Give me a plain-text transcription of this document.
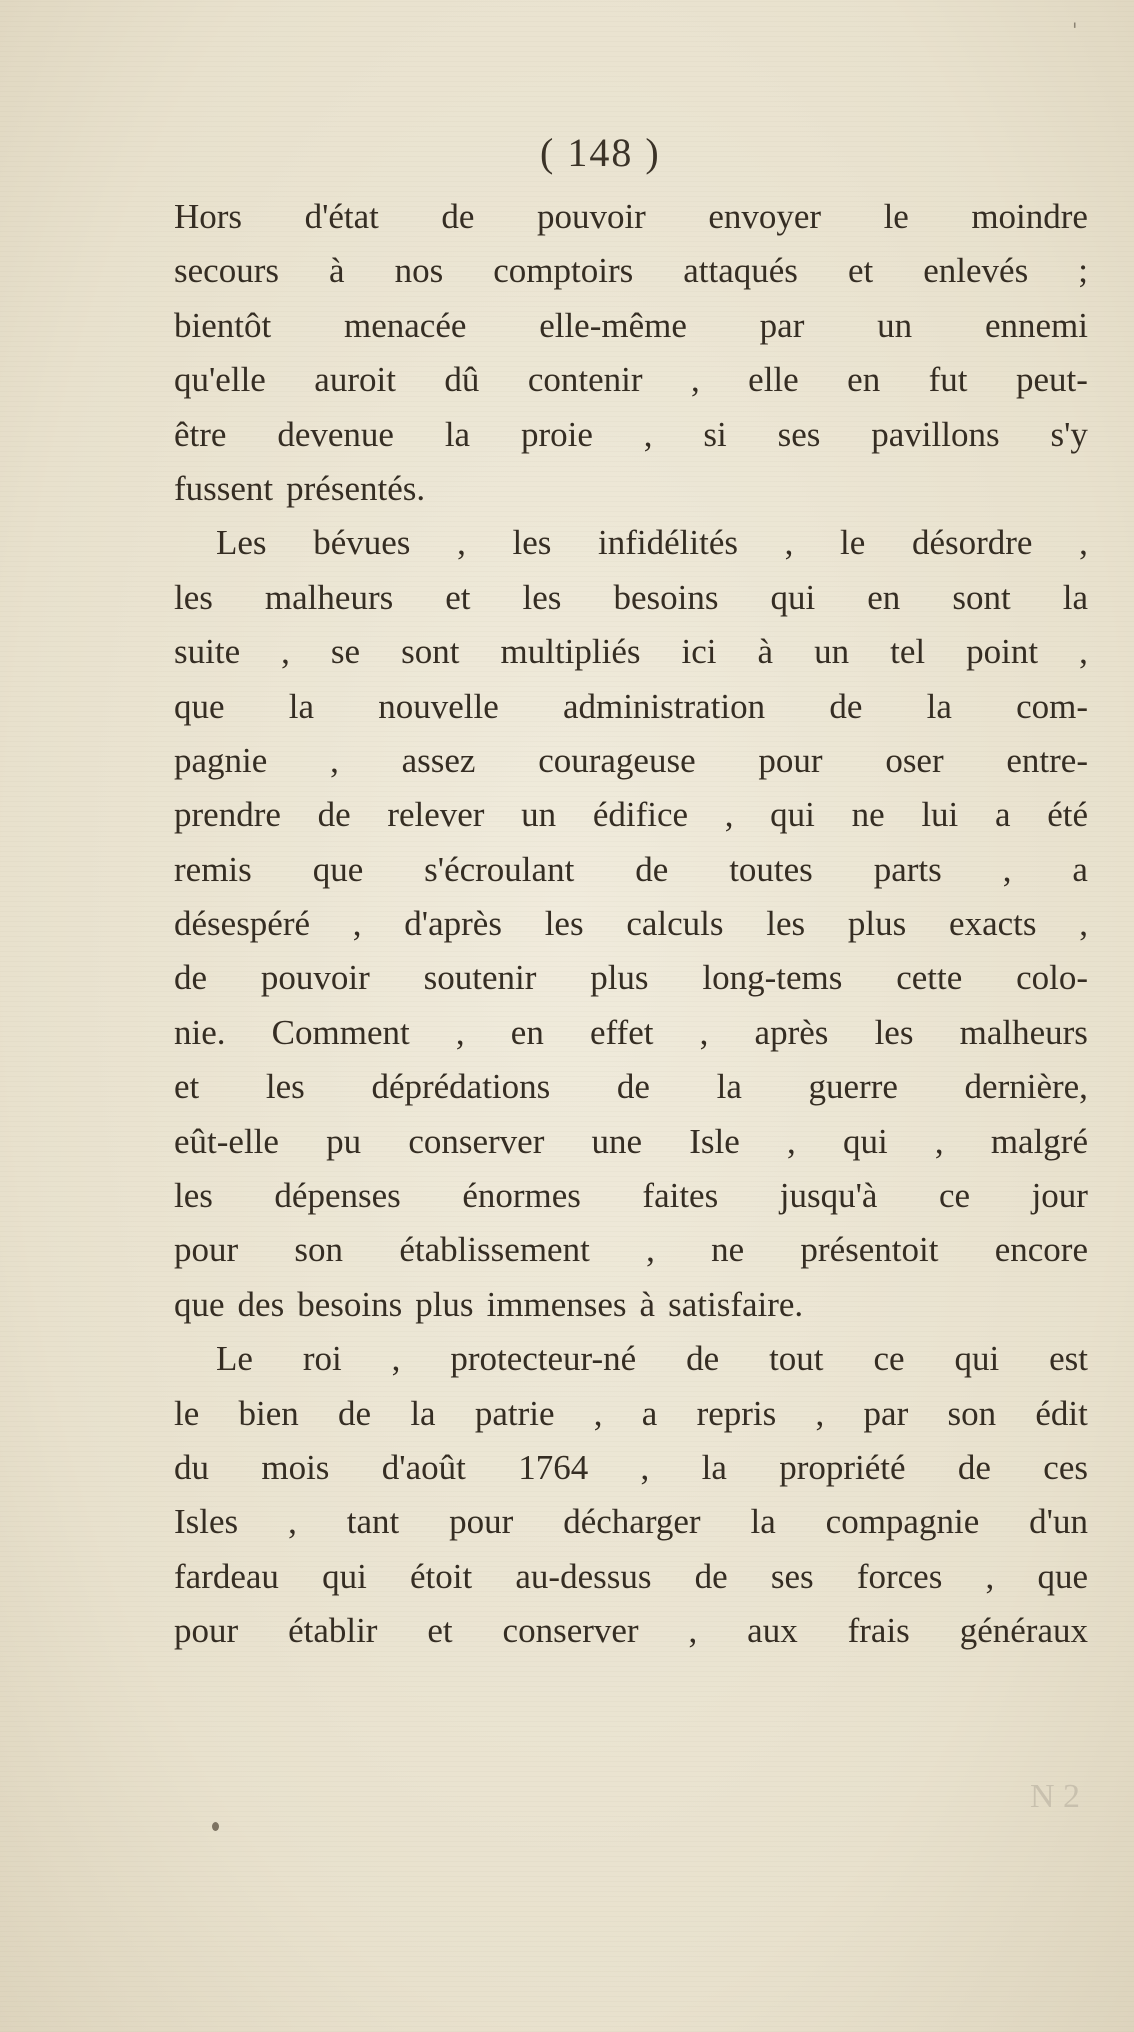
'
( 148 )
Hors d'état de pouvoir envoyer le moindre
secours à nos comptoirs attaqués et enlevés ;
bientôt menacée elle-même par un ennemi
qu'elle auroit dû contenir , elle en fut peut-
être devenue la proie , si ses pavillons s'y
fussent présentés.
Les bévues , les infidélités , le désordre ,
les malheurs et les besoins qui en sont la
suite , se sont multipliés ici à un tel point ,
que la nouvelle administration de la com-
pagnie , assez courageuse pour oser entre-
prendre de relever un édifice , qui ne lui a été
remis que s'écroulant de toutes parts , a
désespéré , d'après les calculs les plus exacts ,
de pouvoir soutenir plus long-tems cette colo-
nie. Comment , en effet , après les malheurs
et les déprédations de la guerre dernière,
eût-elle pu conserver une Isle , qui , malgré
les dépenses énormes faites jusqu'à ce jour
pour son établissement , ne présentoit encore
que des besoins plus immenses à satisfaire.
Le roi , protecteur-né de tout ce qui est
le bien de la patrie , a repris , par son édit
du mois d'août 1764 , la propriété de ces
Isles , tant pour décharger la compagnie d'un
fardeau qui étoit au-dessus de ses forces , que
pour établir et conserver , aux frais généraux
N 2
